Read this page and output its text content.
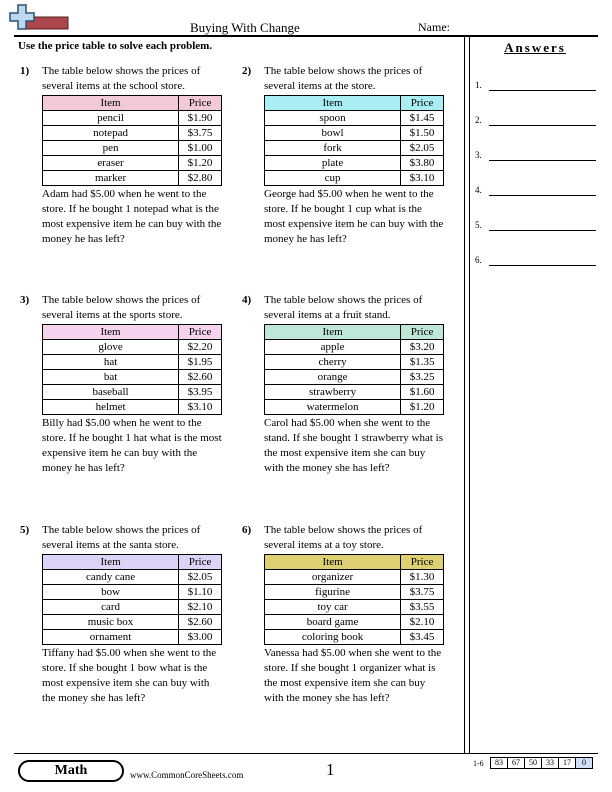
Buying With Change	Name:
Use the price table to solve each problem.	Answers
1.
2.
3.
4.
5.
6.
1) The table below shows the prices of several items at the school store.
Item	Price
pencil	$1.90
notepad	$3.75
pen	$1.00
eraser	$1.20
marker	$2.80
Adam had $5.00 when he went to the store. If he bought 1 notepad what is the most expensive item he can buy with the money he has left?
2) The table below shows the prices of several items at the store.
Item	Price
spoon	$1.45
bowl	$1.50
fork	$2.05
plate	$3.80
cup	$3.10
George had $5.00 when he went to the store. If he bought 1 cup what is the most expensive item he can buy with the money he has left?
3) The table below shows the prices of several items at the sports store.
Item	Price
glove	$2.20
hat	$1.95
bat	$2.60
baseball	$3.95
helmet	$3.10
Billy had $5.00 when he went to the store. If he bought 1 hat what is the most expensive item he can buy with the money he has left?
4) The table below shows the prices of several items at a fruit stand.
Item	Price
apple	$3.20
cherry	$1.35
orange	$3.25
strawberry	$1.60
watermelon	$1.20
Carol had $5.00 when she went to the stand. If she bought 1 strawberry what is the most expensive item she can buy with the money she has left?
5) The table below shows the prices of several items at the santa store.
Item	Price
candy cane	$2.05
bow	$1.10
card	$2.10
music box	$2.60
ornament	$3.00
Tiffany had $5.00 when she went to the store. If she bought 1 bow what is the most expensive item she can buy with the money she has left?
6) The table below shows the prices of several items at a toy store.
Item	Price
organizer	$1.30
figurine	$3.75
toy car	$3.55
board game	$2.10
coloring book	$3.45
Vanessa had $5.00 when she went to the store. If she bought 1 organizer what is the most expensive item she can buy with the money she has left?
Math	www.CommonCoreSheets.com	1	1-6	83	67	50	33	17	0
